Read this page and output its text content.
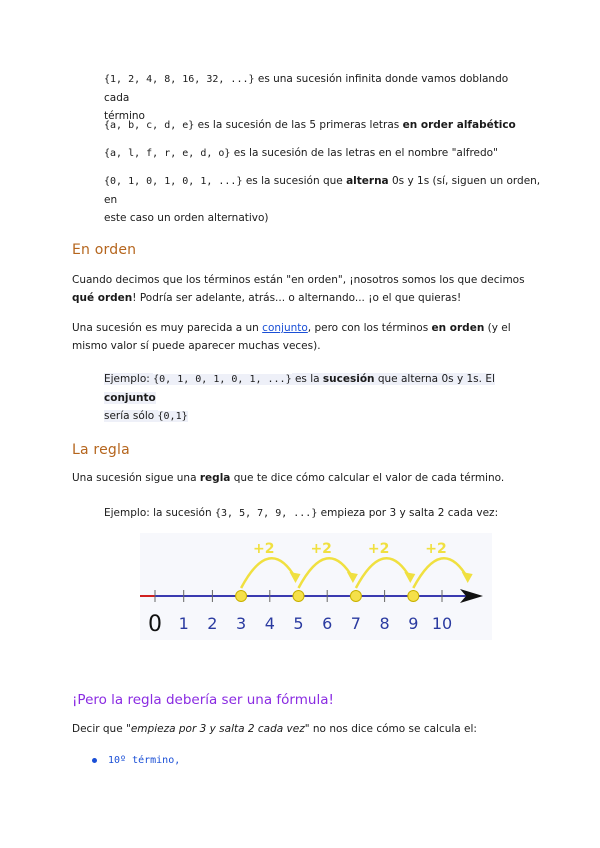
{1, 2, 4, 8, 16, 32, ...} es una sucesión infinita donde vamos doblando cada
término
{a, b, c, d, e} es la sucesión de las 5 primeras letras en order alfabético
{a, l, f, r, e, d, o} es la sucesión de las letras en el nombre "alfredo"
{0, 1, 0, 1, 0, 1, ...} es la sucesión que alterna 0s y 1s (sí, siguen un orden, en
este caso un orden alternativo)
En orden
Cuando decimos que los términos están "en orden", ¡nosotros somos los que decimos
qué orden! Podría ser adelante, atrás... o alternando... ¡o el que quieras!
Una sucesión es muy parecida a un conjunto, pero con los términos en orden (y el
mismo valor sí puede aparecer muchas veces).
Ejemplo: {0, 1, 0, 1, 0, 1, ...} es la sucesión que alterna 0s y 1s. El conjunto
sería sólo {0,1}
La regla
Una sucesión sigue una regla que te dice cómo calcular el valor de cada término.
Ejemplo: la sucesión {3, 5, 7, 9, ...} empieza por 3 y salta 2 cada vez:
0 1 2 3 4 5 6 7 8 9 10
+2	+2	+2	+2
¡Pero la regla debería ser una fórmula!
Decir que "empieza por 3 y salta 2 cada vez" no nos dice cómo se calcula el:
10º término,
